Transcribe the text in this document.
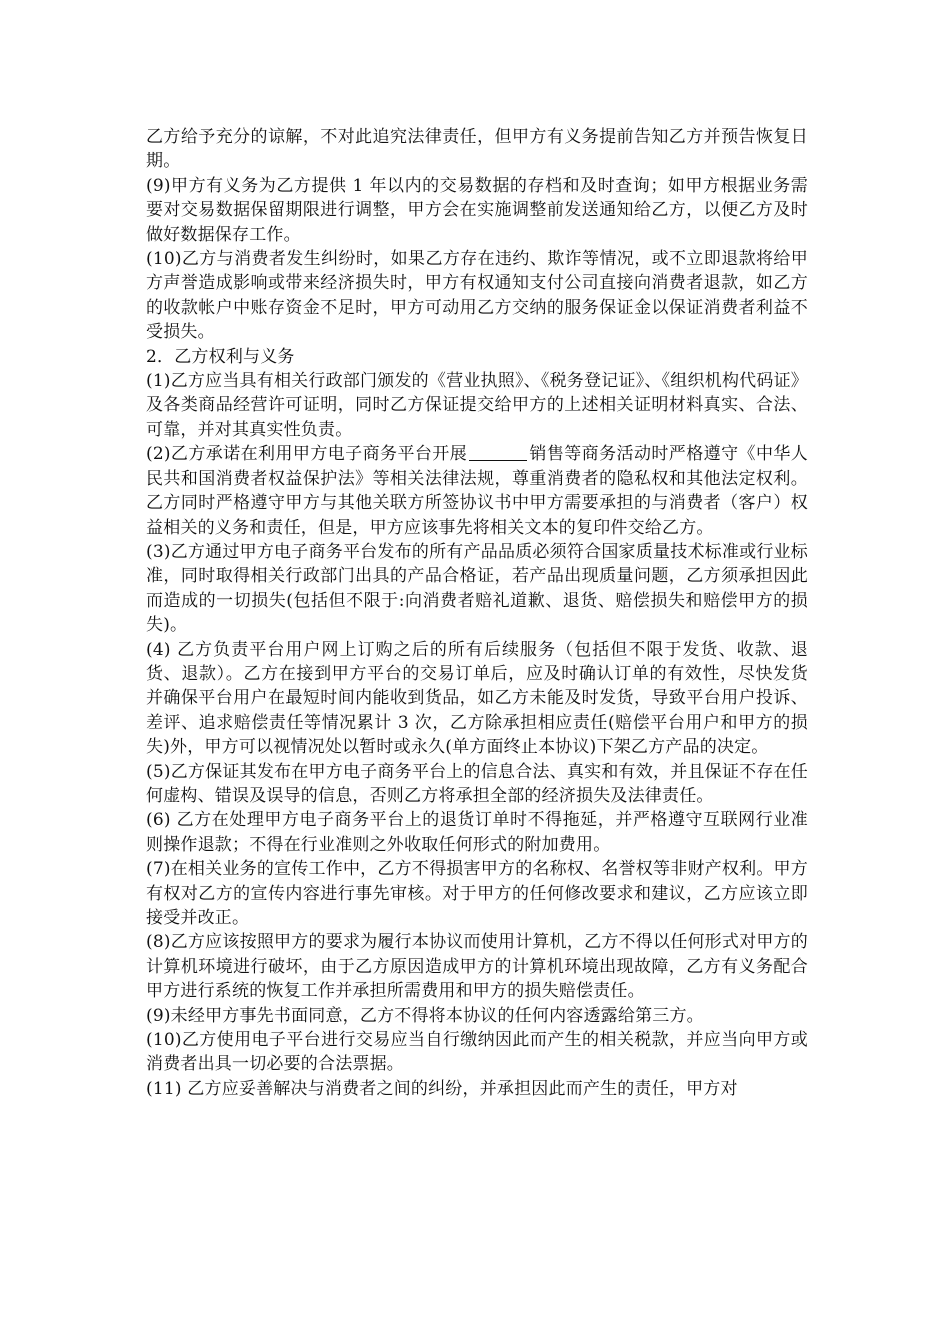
乙方给予充分的谅解，不对此追究法律责任，但甲方有义务提前告知乙方并预告恢复日期。

(9)甲方有义务为乙方提供 1 年以内的交易数据的存档和及时查询；如甲方根据业务需要对交易数据保留期限进行调整，甲方会在实施调整前发送通知给乙方，以便乙方及时做好数据保存工作。

(10)乙方与消费者发生纠纷时，如果乙方存在违约、欺诈等情况，或不立即退款将给甲方声誉造成影响或带来经济损失时，甲方有权通知支付公司直接向消费者退款，如乙方的收款帐户中账存资金不足时，甲方可动用乙方交纳的服务保证金以保证消费者利益不受损失。

2．乙方权利与义务

(1)乙方应当具有相关行政部门颁发的《营业执照》、《税务登记证》、《组织机构代码证》及各类商品经营许可证明，同时乙方保证提交给甲方的上述相关证明材料真实、合法、可靠，并对其真实性负责。

(2)乙方承诺在利用甲方电子商务平台开展	销售等商务活动时严格遵守《中华人民共和国消费者权益保护法》等相关法律法规，尊重消费者的隐私权和其他法定权利。乙方同时严格遵守甲方与其他关联方所签协议书中甲方需要承担的与消费者（客户）权益相关的义务和责任，但是，甲方应该事先将相关文本的复印件交给乙方。

(3)乙方通过甲方电子商务平台发布的所有产品品质必须符合国家质量技术标准或行业标准，同时取得相关行政部门出具的产品合格证，若产品出现质量问题，乙方须承担因此而造成的一切损失(包括但不限于:向消费者赔礼道歉、退货、赔偿损失和赔偿甲方的损失)。

(4) 乙方负责平台用户网上订购之后的所有后续服务（包括但不限于发货、收款、退货、退款）。乙方在接到甲方平台的交易订单后，应及时确认订单的有效性，尽快发货并确保平台用户在最短时间内能收到货品，如乙方未能及时发货，导致平台用户投诉、差评、追求赔偿责任等情况累计 3 次，乙方除承担相应责任(赔偿平台用户和甲方的损失)外，甲方可以视情况处以暂时或永久(单方面终止本协议)下架乙方产品的决定。

(5)乙方保证其发布在甲方电子商务平台上的信息合法、真实和有效，并且保证不存在任何虚构、错误及误导的信息，否则乙方将承担全部的经济损失及法律责任。

(6) 乙方在处理甲方电子商务平台上的退货订单时不得拖延，并严格遵守互联网行业准则操作退款；不得在行业准则之外收取任何形式的附加费用。

(7)在相关业务的宣传工作中，乙方不得损害甲方的名称权、名誉权等非财产权利。甲方有权对乙方的宣传内容进行事先审核。对于甲方的任何修改要求和建议，乙方应该立即接受并改正。

(8)乙方应该按照甲方的要求为履行本协议而使用计算机，乙方不得以任何形式对甲方的计算机环境进行破坏，由于乙方原因造成甲方的计算机环境出现故障，乙方有义务配合甲方进行系统的恢复工作并承担所需费用和甲方的损失赔偿责任。

(9)未经甲方事先书面同意，乙方不得将本协议的任何内容透露给第三方。

(10)乙方使用电子平台进行交易应当自行缴纳因此而产生的相关税款，并应当向甲方或消费者出具一切必要的合法票据。

(11) 乙方应妥善解决与消费者之间的纠纷，并承担因此而产生的责任，甲方对
